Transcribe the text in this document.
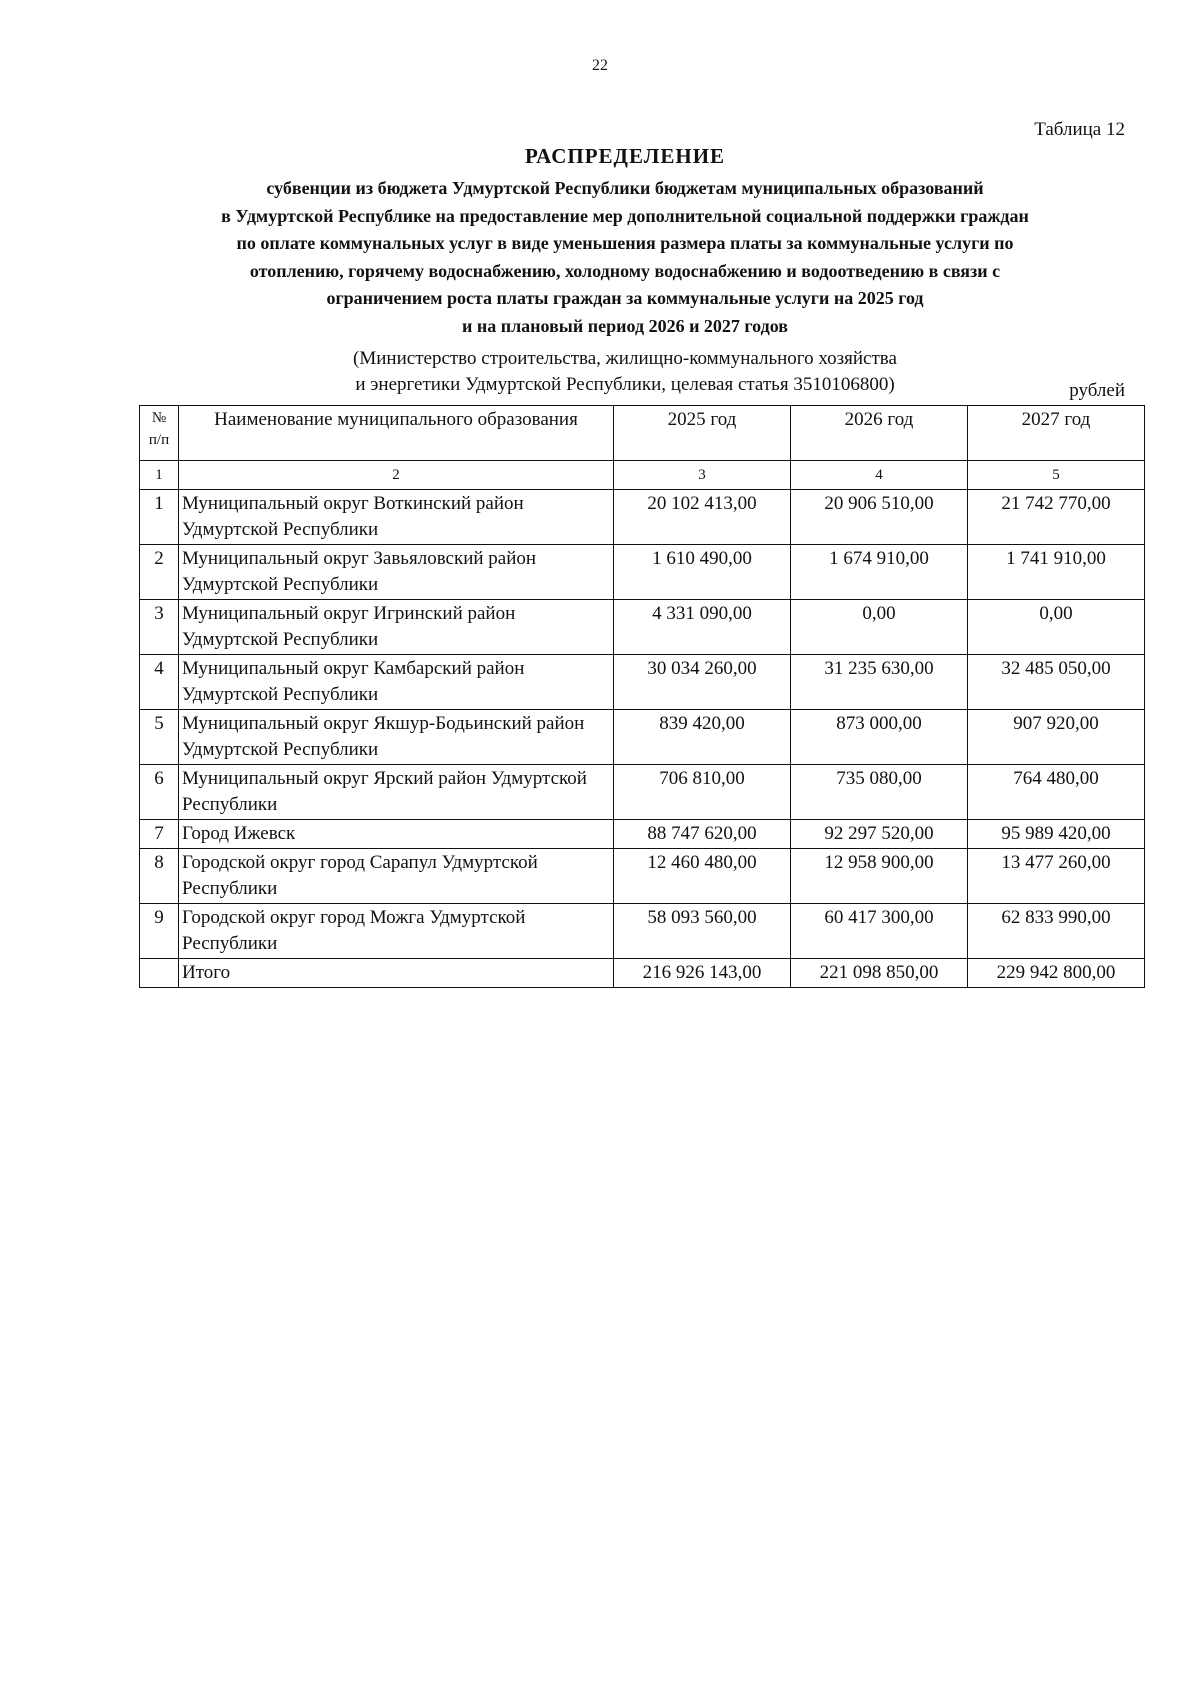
22
Таблица 12
РАСПРЕДЕЛЕНИЕ
субвенции из бюджета Удмуртской Республики бюджетам муниципальных образований
в Удмуртской Республике на предоставление мер дополнительной социальной поддержки граждан
по оплате коммунальных услуг в виде уменьшения размера платы за коммунальные услуги по
отоплению, горячему водоснабжению, холодному водоснабжению и водоотведению в связи с
ограничением роста платы граждан за коммунальные услуги на 2025 год
и на плановый период 2026 и 2027 годов
(Министерство строительства, жилищно-коммунального хозяйства
и энергетики Удмуртской Республики, целевая статья 3510106800)	рублей
№
п/п	Наименование муниципального образования	2025 год	2026 год	2027 год
1	2	3	4	5
1	Муниципальный округ Воткинский район Удмуртской Республики	20 102 413,00	20 906 510,00	21 742 770,00
2	Муниципальный округ Завьяловский район Удмуртской Республики	1 610 490,00	1 674 910,00	1 741 910,00
3	Муниципальный округ Игринский район Удмуртской Республики	4 331 090,00	0,00	0,00
4	Муниципальный округ Камбарский район Удмуртской Республики	30 034 260,00	31 235 630,00	32 485 050,00
5	Муниципальный округ Якшур-Бодьинский район Удмуртской Республики	839 420,00	873 000,00	907 920,00
6	Муниципальный округ Ярский район Удмуртской Республики	706 810,00	735 080,00	764 480,00
7	Город Ижевск	88 747 620,00	92 297 520,00	95 989 420,00
8	Городской округ город Сарапул Удмуртской Республики	12 460 480,00	12 958 900,00	13 477 260,00
9	Городской округ город Можга Удмуртской Республики	58 093 560,00	60 417 300,00	62 833 990,00
	Итого	216 926 143,00	221 098 850,00	229 942 800,00
